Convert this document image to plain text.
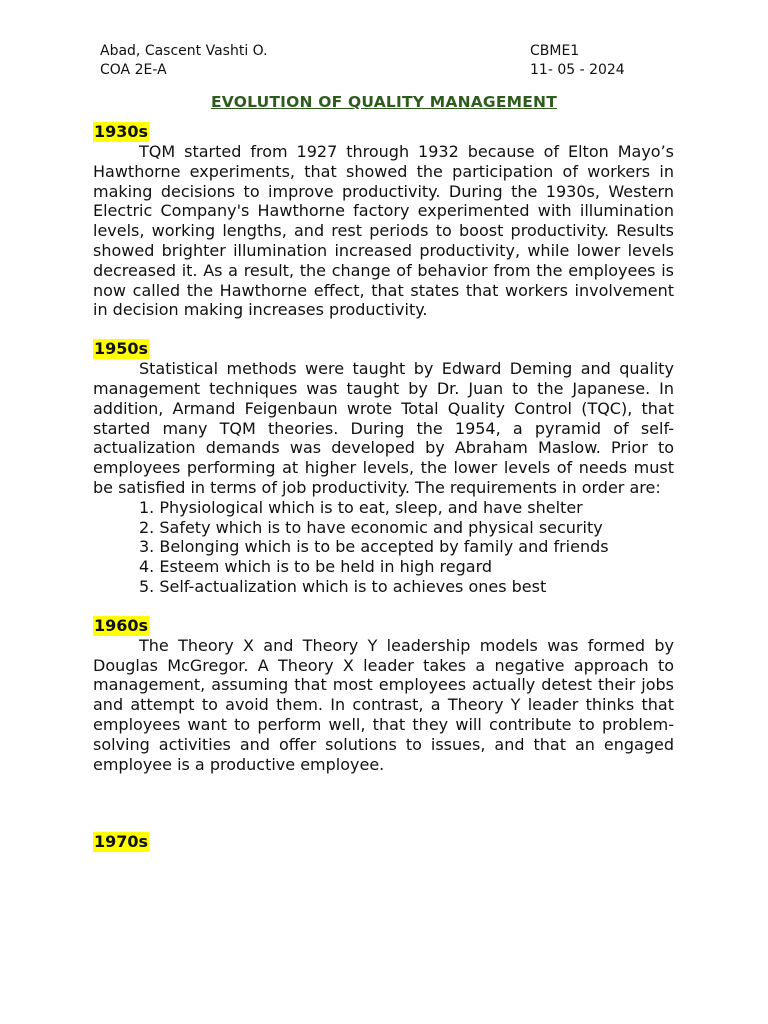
Abad, Cascent Vashti O.
COA 2E-A
CBME1
11- 05 - 2024
EVOLUTION OF QUALITY MANAGEMENT
1930s

TQM started from 1927 through 1932 because of Elton Mayo’s Hawthorne experiments, that showed the participation of workers in making decisions to improve productivity. During the 1930s, Western Electric Company's Hawthorne factory experimented with illumination levels, working lengths, and rest periods to boost productivity. Results showed brighter illumination increased productivity, while lower levels decreased it. As a result, the change of behavior from the employees is now called the Hawthorne effect, that states that workers involvement in decision making increases productivity.

1950s

Statistical methods were taught by Edward Deming and quality management techniques was taught by Dr. Juan to the Japanese. In addition, Armand Feigenbaun wrote Total Quality Control (TQC), that started many TQM theories. During the 1954, a pyramid of self-actualization demands was developed by Abraham Maslow. Prior to employees performing at higher levels, the lower levels of needs must be satisfied in terms of job productivity. The requirements in order are:

1. Physiological which is to eat, sleep, and have shelter
2. Safety which is to have economic and physical security
3. Belonging which is to be accepted by family and friends
4. Esteem which is to be held in high regard
5. Self-actualization which is to achieves ones best
1960s

The Theory X and Theory Y leadership models was formed by Douglas McGregor. A Theory X leader takes a negative approach to management, assuming that most employees actually detest their jobs and attempt to avoid them. In contrast, a Theory Y leader thinks that employees want to perform well, that they will contribute to problem-solving activities and offer solutions to issues, and that an engaged employee is a productive employee.

1970s
